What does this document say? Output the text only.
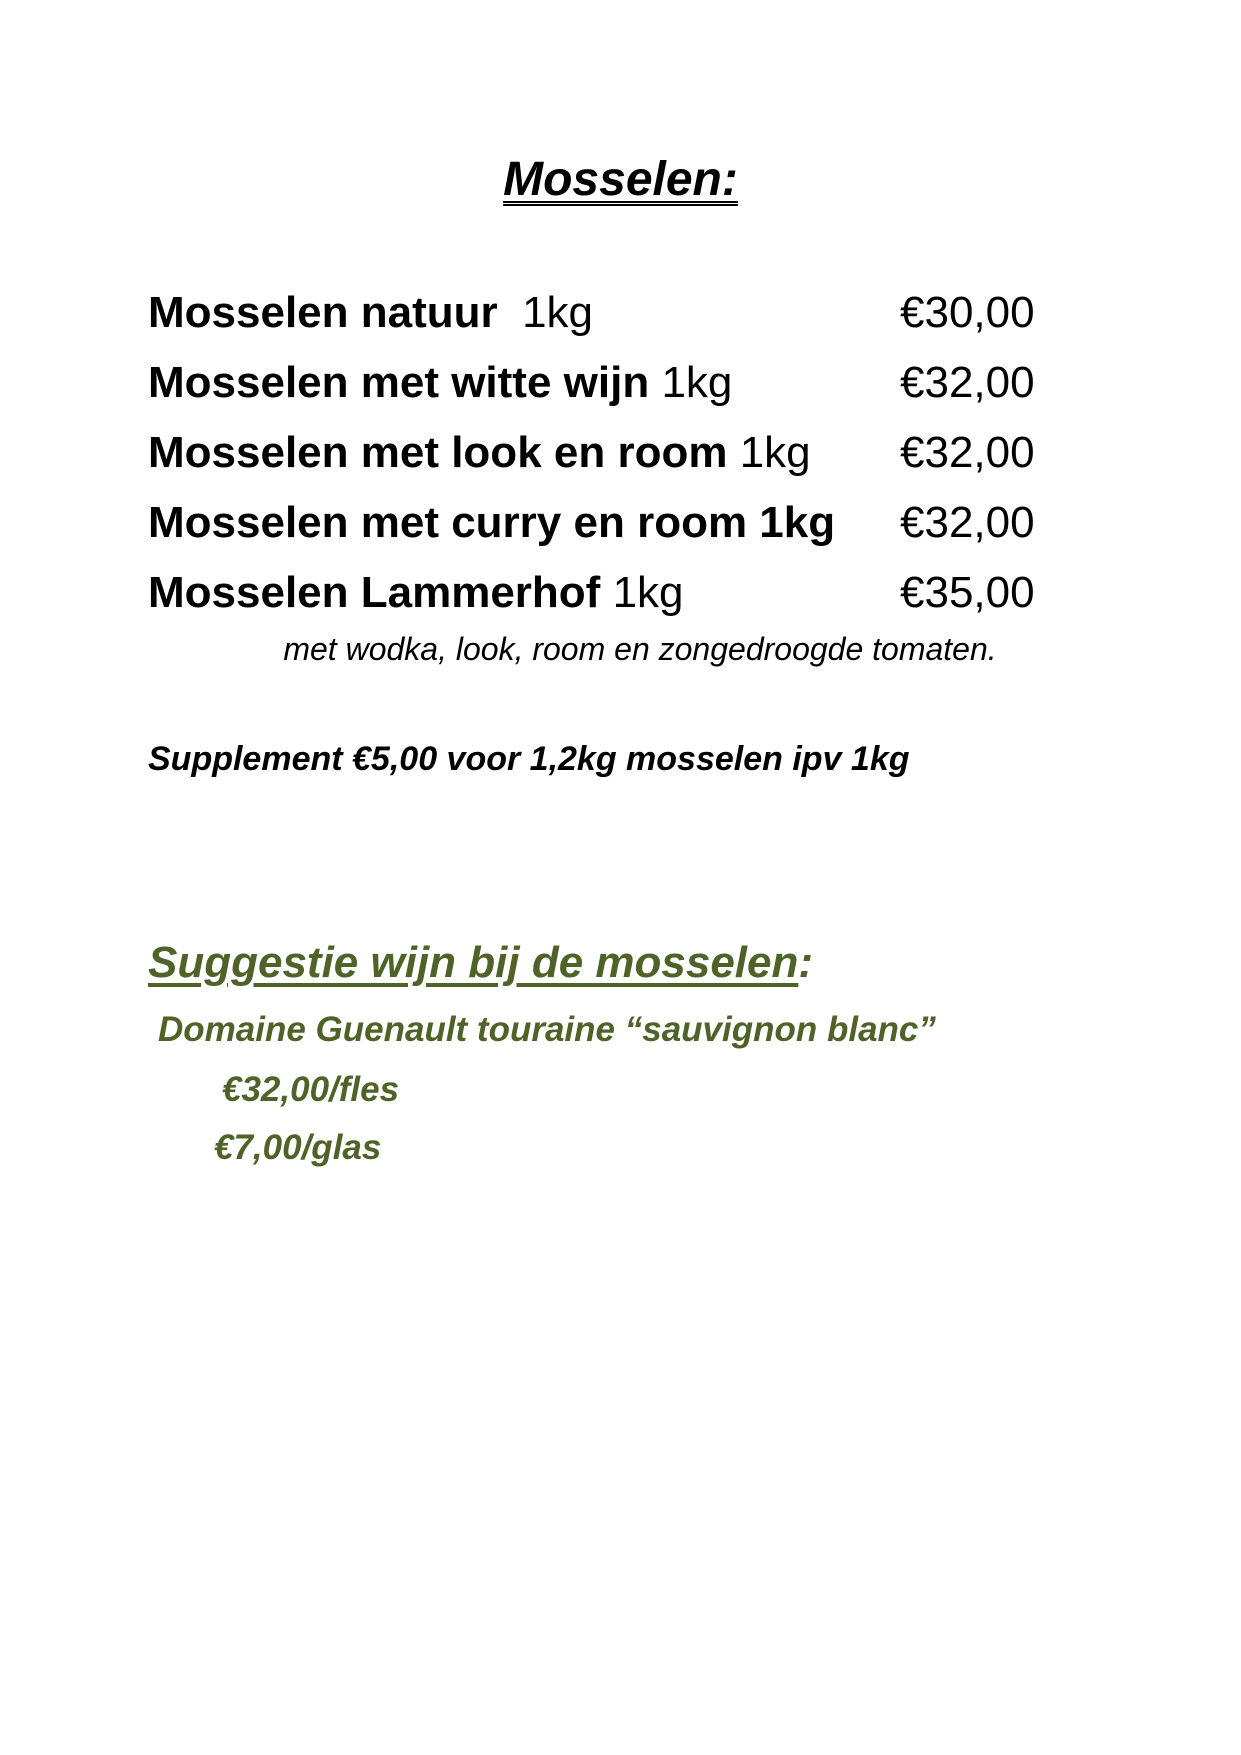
Mosselen:
Mosselen natuur 1kg	€30,00
Mosselen met witte wijn 1kg	€32,00
Mosselen met look en room 1kg €32,00
Mosselen met curry en room 1kg €32,00
Mosselen Lammerhof 1kg	€35,00
met wodka, look, room en zongedroogde tomaten.
Supplement €5,00 voor 1,2kg mosselen ipv 1kg
Suggestie wijn bij de mosselen:
Domaine Guenault touraine “sauvignon blanc”
€32,00/fles
€7,00/glas
